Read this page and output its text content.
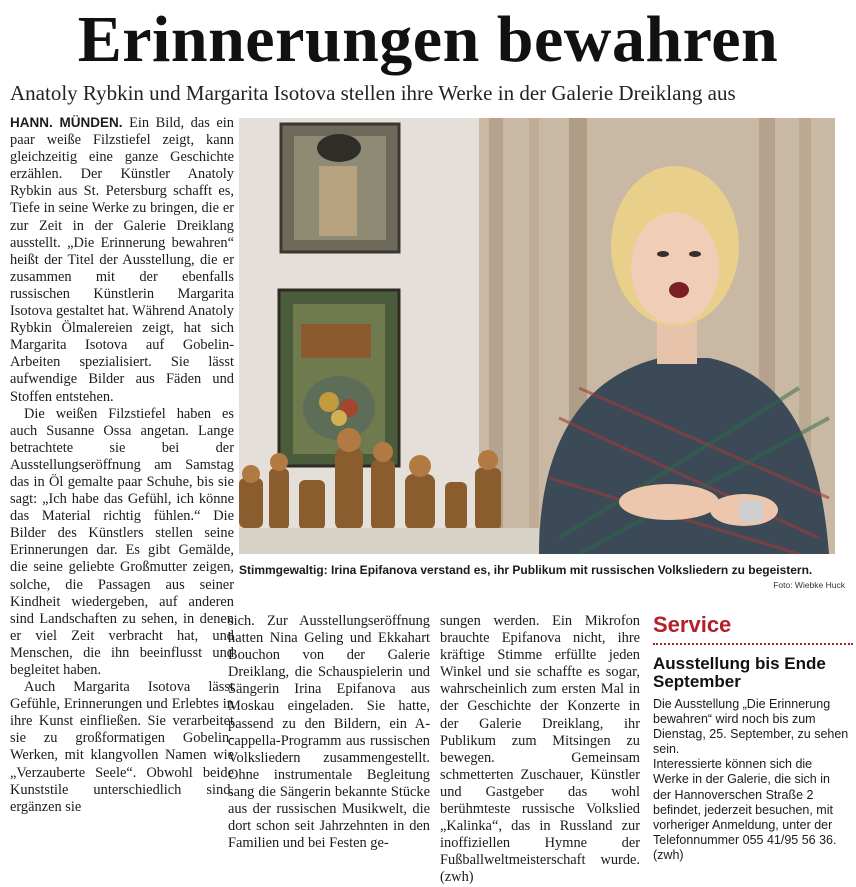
Erinnerungen bewahren
Anatoly Rybkin und Margarita Isotova stellen ihre Werke in der Galerie Dreiklang aus

HANN. MÜNDEN. Ein Bild, das ein paar weiße Filzstiefel zeigt, kann gleichzeitig eine ganze Geschichte erzählen. Der Künstler Anatoly Rybkin aus St. Petersburg schafft es, Tiefe in seine Werke zu bringen, die er zur Zeit in der Galerie Dreiklang ausstellt. „Die Erinnerung bewahren“ heißt der Titel der Ausstellung, die er zusammen mit der ebenfalls russischen Künstlerin Margarita Isotova gestaltet hat. Während Anatoly Rybkin Ölmalereien zeigt, hat sich Margarita Isotova auf Gobelin-Arbeiten spezialisiert. Sie lässt aufwendige Bilder aus Fäden und Stoffen entstehen.

Die weißen Filzstiefel haben es auch Susanne Ossa angetan. Lange betrachtete sie bei der Ausstellungseröffnung am Samstag das in Öl gemalte paar Schuhe, bis sie sagt: „Ich habe das Gefühl, ich könne das Material richtig fühlen.“ Die Bilder des Künstlers stellen seine Erinnerungen dar. Es gibt Gemälde, die seine geliebte Großmutter zeigen, solche, die Passagen aus seiner Kindheit wiedergeben, auf anderen sind Landschaften zu sehen, in denen er viel Zeit verbracht hat, und Menschen, die ihn beeinflusst und begleitet haben.

Auch Margarita Isotova lässt Gefühle, Erinnerungen und Erlebtes in ihre Kunst einfließen. Sie verarbeitet sie zu großformatigen Gobelin-Werken, mit klangvollen Namen wie „Verzauberte Seele“. Obwohl beide Kunststile unterschiedlich sind, ergänzen sie

Stimmgewaltig: Irina Epifanova verstand es, ihr Publikum mit russischen Volksliedern zu begeistern.
Foto: Wiebke Huck

sich. Zur Ausstellungseröffnung hatten Nina Geling und Ekkahart Bouchon von der Galerie Dreiklang, die Schauspielerin und Sängerin Irina Epifanova aus Moskau eingeladen. Sie hatte, passend zu den Bildern, ein A-cappella-Programm aus russischen Volksliedern zusammengestellt. Ohne instrumentale Begleitung sang die Sängerin bekannte Stücke aus der russischen Musikwelt, die dort schon seit Jahrzehnten in den Familien und bei Festen ge-

sungen werden. Ein Mikrofon brauchte Epifanova nicht, ihre kräftige Stimme erfüllte jeden Winkel und sie schaffte es sogar, wahrscheinlich zum ersten Mal in der Geschichte der Konzerte in der Galerie Dreiklang, ihr Publikum zum Mitsingen zu bewegen. Gemeinsam schmetterten Zuschauer, Künstler und Gastgeber das wohl berühmteste russische Volkslied „Kalinka“, das in Russland zur inoffiziellen Hymne der Fußballweltmeisterschaft wurde. (zwh)

Service
Ausstellung bis Ende September

Die Ausstellung „Die Erinnerung bewahren“ wird noch bis zum Dienstag, 25. September, zu sehen sein.

Interessierte können sich die Werke in der Galerie, die sich in der Hannoverschen Straße 2 befindet, jederzeit besuchen, mit vorheriger Anmeldung, unter der Telefonnummer 055 41/95 56 36. (zwh)
